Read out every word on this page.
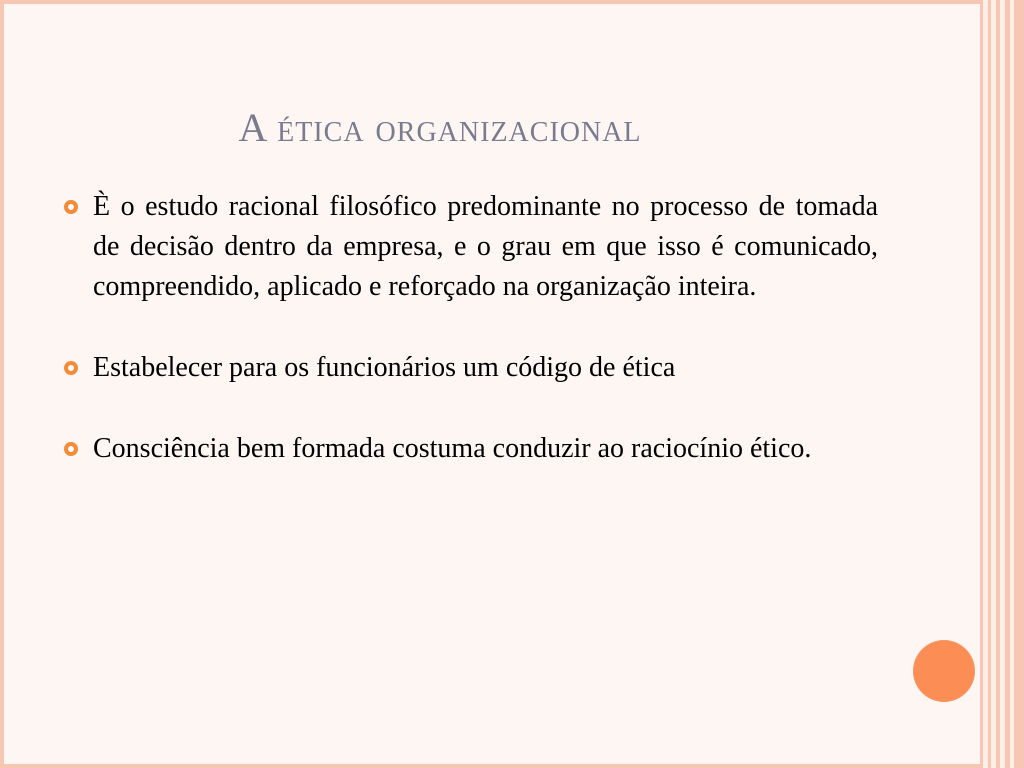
A ética organizacional

È o estudo racional filosófico predominante no processo de tomada de decisão dentro da empresa, e o grau em que isso é comunicado, compreendido, aplicado e reforçado na organização inteira.

Estabelecer para os funcionários um código de ética

Consciência bem formada costuma conduzir ao raciocínio ético.
